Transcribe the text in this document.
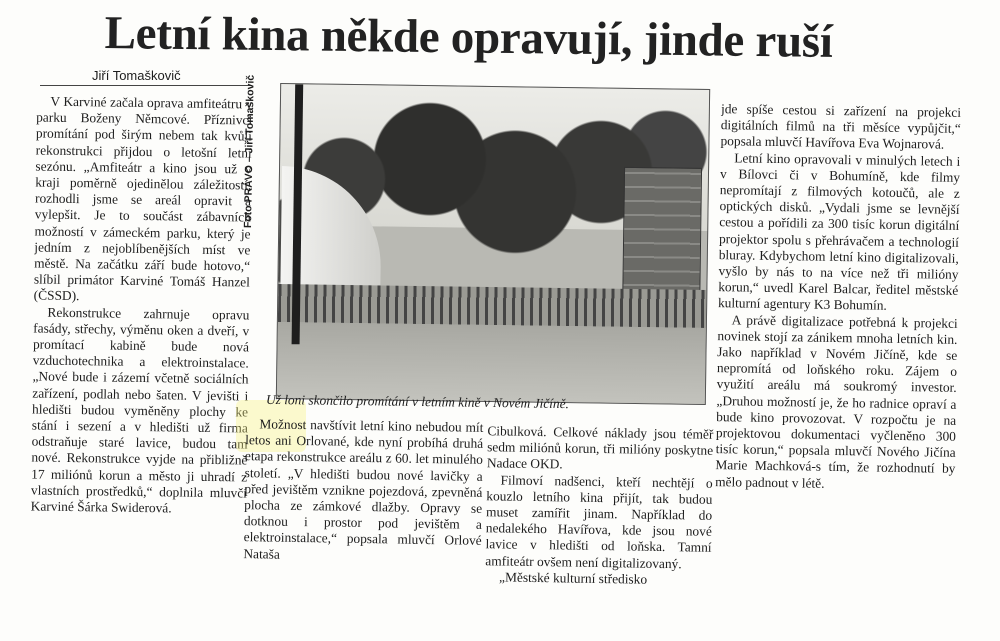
Letní kina někde opravují, jinde ruší
Jiří Tomaškovič

V Karviné začala oprava amfiteátru v parku Boženy Němcové. Příznivci promítání pod širým nebem tak kvůli rekonstrukci přijdou o letošní letní sezónu. „Amfiteátr a kino jsou už v kraji poměrně ojedinělou záležitostí, rozhodli jsme se areál opravit a vylepšit. Je to součást zábavních možností v zámeckém parku, který je jedním z nejoblíbenějších míst ve městě. Na začátku září bude hotovo,“ slíbil primátor Karviné Tomáš Hanzel (ČSSD).

Rekonstrukce zahrnuje opravu fasády, střechy, výměnu oken a dveří, v promítací kabině bude nová vzduchotechnika a elektroinstalace. „Nové bude i zázemí včetně sociálních zařízení, podlah nebo šaten. V jevišti i hledišti budou vyměněny plochy ke stání i sezení a v hledišti už firma odstraňuje staré lavice, budou tam nové. Rekonstrukce vyjde na přibližně 17 miliónů korun a město ji uhradí z vlastních prostředků,“ doplnila mluvčí Karviné Šárka Swiderová.

Foto PRÁVO – Jiří Tomaškovič
Už loni skončilo promítání v letním kině v Novém Jičíně.

Možnost navštívit letní kino nebudou mít letos ani Orlované, kde nyní probíhá druhá etapa rekonstrukce areálu z 60. let minulého století. „V hledišti budou nové lavičky a před jevištěm vznikne pojezdová, zpevněná plocha ze zámkové dlažby. Opravy se dotknou i prostor pod jevištěm a elektroinstalace,“ popsala mluvčí Orlové Nataša

Cibulková. Celkové náklady jsou téměř sedm miliónů korun, tři milióny poskytne Nadace OKD.

Filmoví nadšenci, kteří nechtějí o kouzlo letního kina přijít, tak budou muset zamířit jinam. Například do nedalekého Havířova, kde jsou nové lavice v hledišti od loňska. Tamní amfiteátr ovšem není digitalizovaný.

„Městské kulturní středisko

jde spíše cestou si zařízení na projekci digitálních filmů na tři měsíce vypůjčit,“ popsala mluvčí Havířova Eva Wojnarová.

Letní kino opravovali v minulých letech i v Bílovci či v Bohumíně, kde filmy nepromítají z filmových kotoučů, ale z optických disků. „Vydali jsme se levnější cestou a pořídili za 300 tisíc korun digitální projektor spolu s přehrávačem a technologií bluray. Kdybychom letní kino digitalizovali, vyšlo by nás to na více než tři milióny korun,“ uvedl Karel Balcar, ředitel městské kulturní agentury K3 Bohumín.

A právě digitalizace potřebná k projekci novinek stojí za zánikem mnoha letních kin. Jako například v Novém Jičíně, kde se nepromítá od loňského roku. Zájem o využití areálu má soukromý investor. „Druhou možností je, že ho radnice opraví a bude kino provozovat. V rozpočtu je na projektovou dokumentaci vyčleněno 300 tisíc korun,“ popsala mluvčí Nového Jičína Marie Machková-s tím, že rozhodnutí by mělo padnout v létě.
